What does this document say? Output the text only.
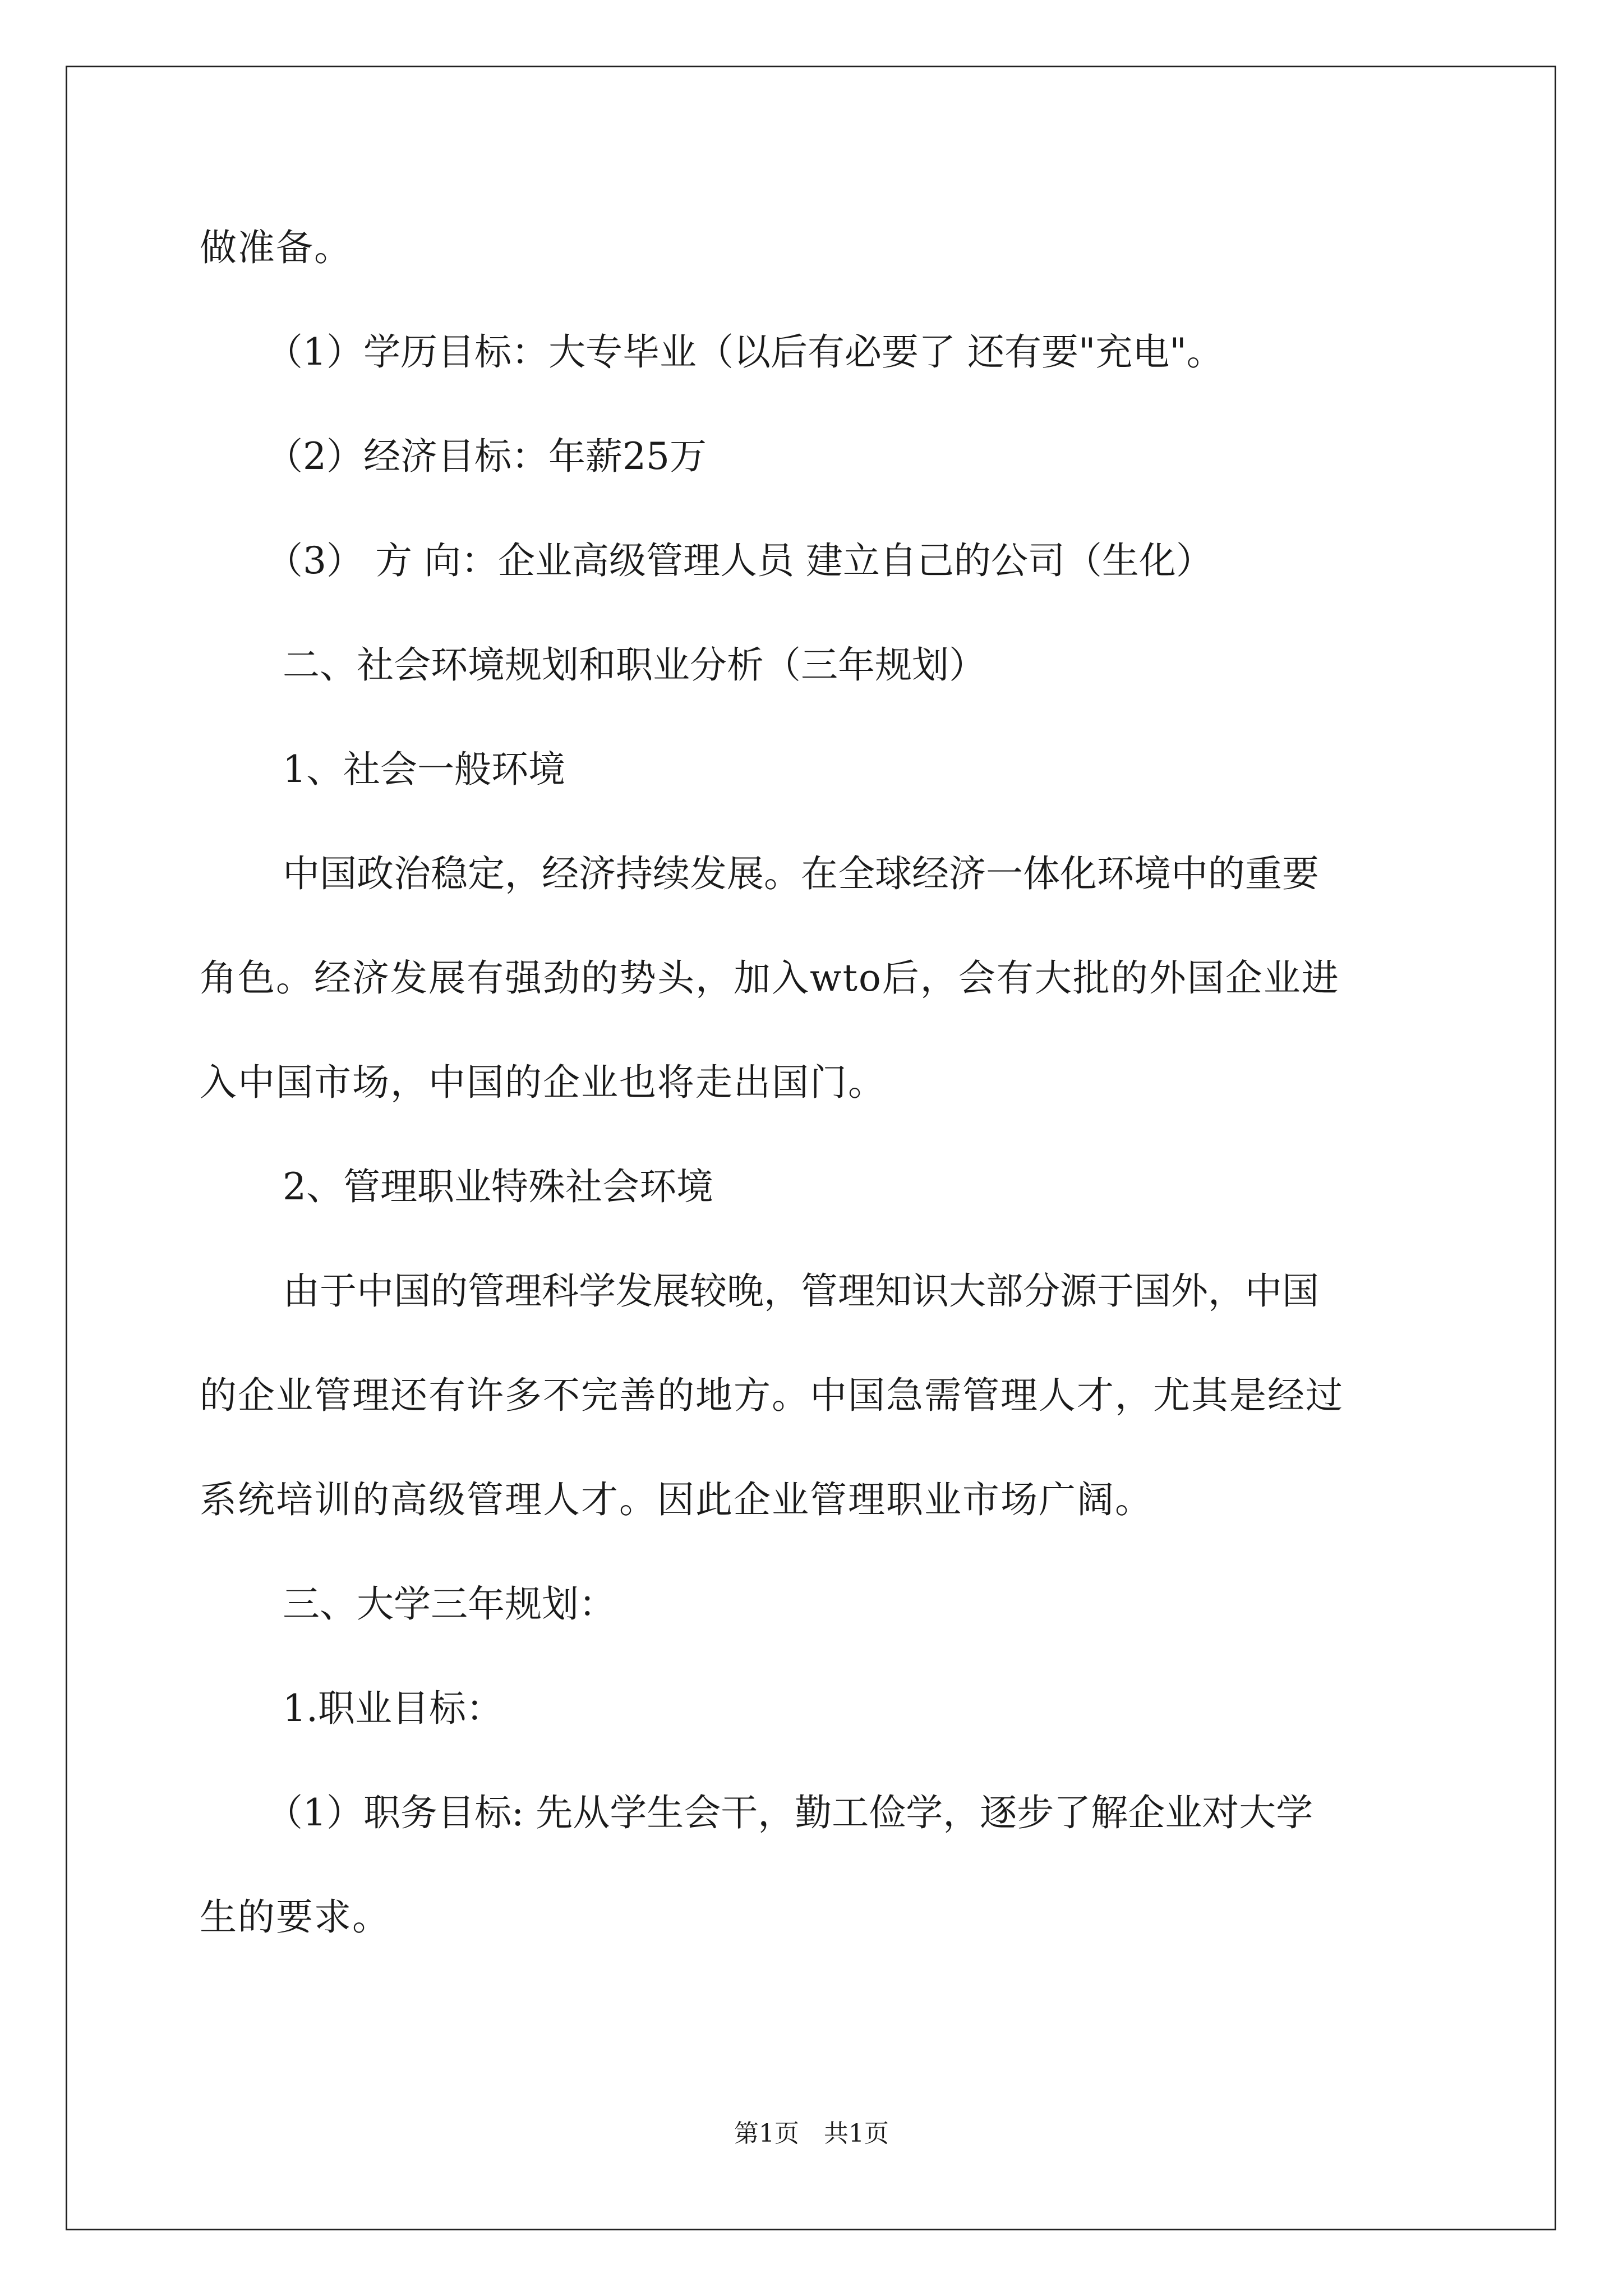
做准备。
（1）学历目标：大专毕业（以后有必要了 还有要"充电"。
（2）经济目标：年薪25万
（3） 方 向：企业高级管理人员 建立自己的公司（生化）
二、社会环境规划和职业分析（三年规划）
1、社会一般环境
中国政治稳定，经济持续发展。在全球经济一体化环境中的重要
角色。经济发展有强劲的势头，加入wto后，会有大批的外国企业进
入中国市场，中国的企业也将走出国门。
2、管理职业特殊社会环境
由于中国的管理科学发展较晚，管理知识大部分源于国外，中国
的企业管理还有许多不完善的地方。中国急需管理人才，尤其是经过
系统培训的高级管理人才。因此企业管理职业市场广阔。
三、大学三年规划：
1.职业目标：
（1）职务目标: 先从学生会干，勤工俭学，逐步了解企业对大学
生的要求。
第1页　共1页
